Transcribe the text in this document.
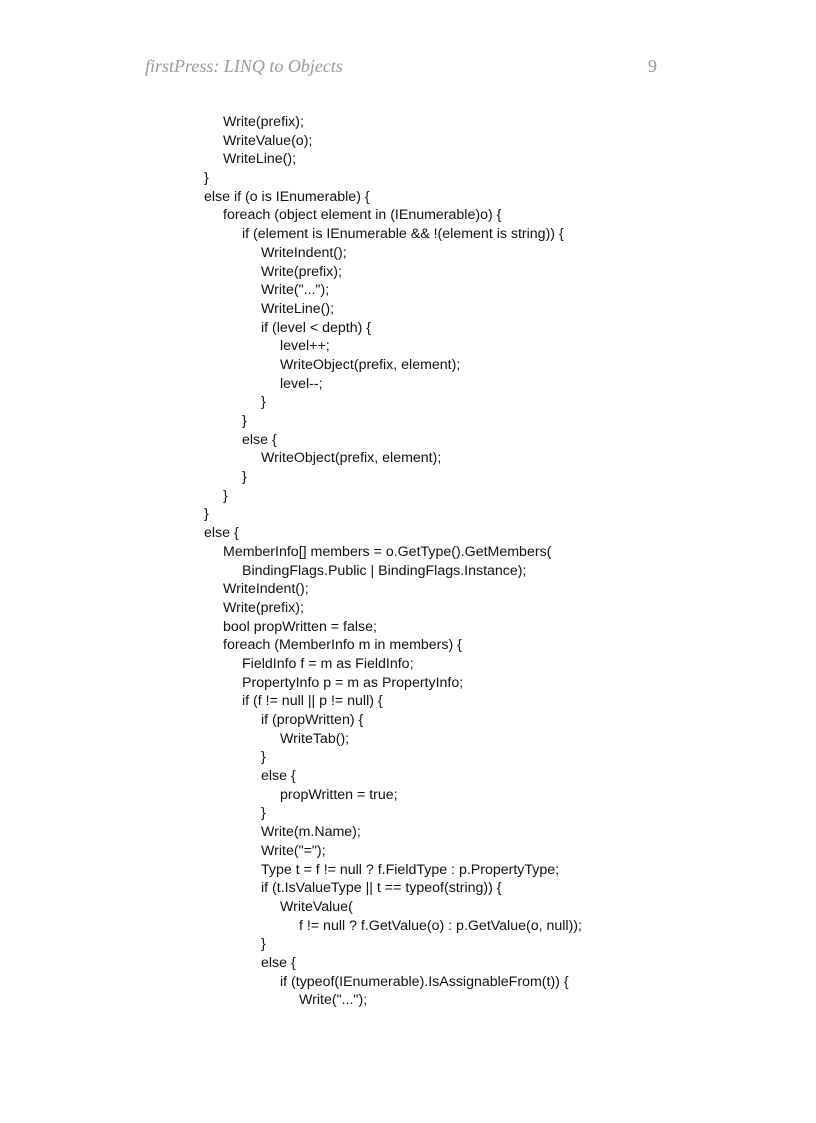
firstPress: LINQ to Objects	9
Write(prefix);
WriteValue(o);
WriteLine();
}
else if (o is IEnumerable) {
foreach (object element in (IEnumerable)o) {
if (element is IEnumerable && !(element is string)) {
WriteIndent();
Write(prefix);
Write("...");
WriteLine();
if (level < depth) {
level++;
WriteObject(prefix, element);
level--;
}
}
else {
WriteObject(prefix, element);
}
}
}
else {
MemberInfo[] members = o.GetType().GetMembers(
BindingFlags.Public | BindingFlags.Instance);
WriteIndent();
Write(prefix);
bool propWritten = false;
foreach (MemberInfo m in members) {
FieldInfo f = m as FieldInfo;
PropertyInfo p = m as PropertyInfo;
if (f != null || p != null) {
if (propWritten) {
WriteTab();
}
else {
propWritten = true;
}
Write(m.Name);
Write("=");
Type t = f != null ? f.FieldType : p.PropertyType;
if (t.IsValueType || t == typeof(string)) {
WriteValue(
f != null ? f.GetValue(o) : p.GetValue(o, null));
}
else {
if (typeof(IEnumerable).IsAssignableFrom(t)) {
Write("...");
